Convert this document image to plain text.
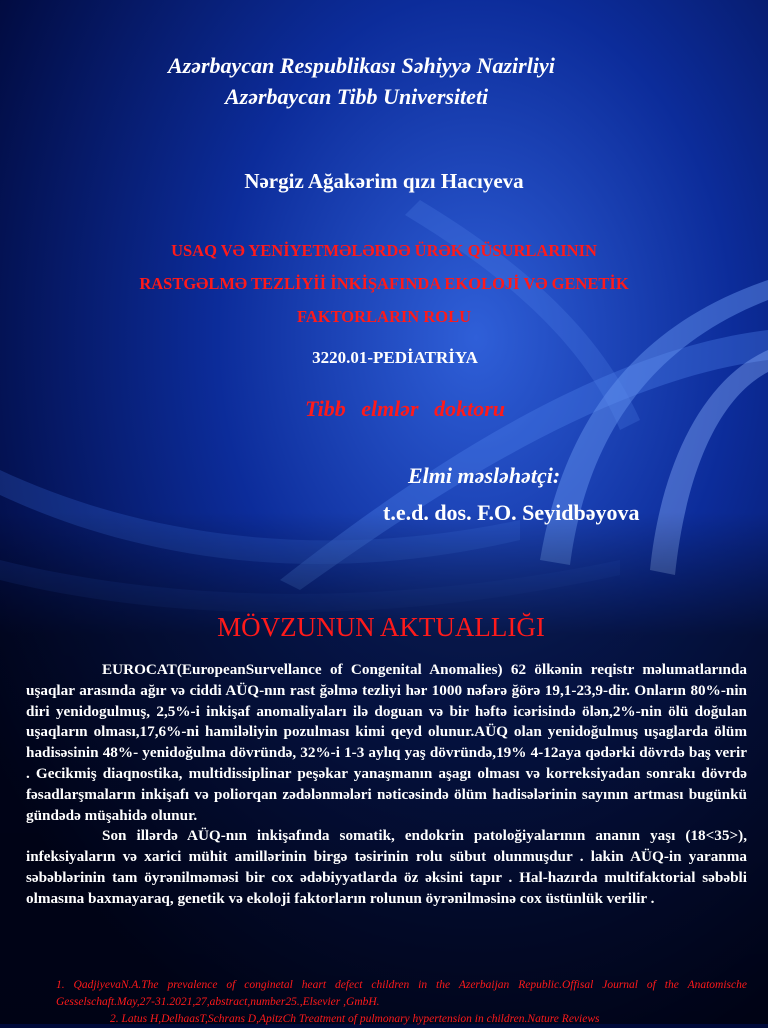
Azərbaycan Respublikası Səhiyyə Nazirliyi
Azərbaycan Tibb Universiteti
Nərgiz Ağakərim qızı Hacıyeva
USAQ VƏ YENİYETMƏLƏRDƏ ÜRƏK QÜSURLARININ
RASTGƏLMƏ TEZLİYİİ İNKİŞAFINDA EKOLOJİ VƏ GENETİK
FAKTORLARIN ROLU
3220.01-PEDİATRİYA
Tibb elmlər doktoru
Elmi məsləhətçi:
t.e.d. dos. F.O. Seyidbəyova
MÖVZUNUN AKTUALLIĞI

EUROCAT(EuropeanSurvellance of Congenital Anomalies) 62 ölkənin reqistr məlumatlarında uşaqlar arasında ağır və ciddi AÜQ-nın rast ğəlmə tezliyi hər 1000 nəfərə ğörə 19,1-23,9-dir. Onların 80%-nin diri yenidogulmuş, 2,5%-i inkişaf anomaliyaları ilə doguan və bir həftə icərisində ölən,2%-nin ölü doğulan uşaqların olması,17,6%-ni hamiləliyin pozulması kimi qeyd olunur.AÜQ olan yenidoğulmuş uşaglarda ölüm hadisəsinin 48%- yenidoğulma dövründə, 32%-i 1-3 aylıq yaş dövründə,19% 4-12aya qədərki dövrdə baş verir . Gecikmiş diaqnostika, multidissiplinar peşəkar yanaşmanın aşagı olması və korreksiyadan sonrakı dövrdə fəsadlarşmaların inkişafı və poliorqan zədələnmələri nəticəsində ölüm hadisələrinin sayının artması bugünkü gündədə müşahidə olunur.

Son illərdə AÜQ-nın inkişafında somatik, endokrin patoloğiyalarının ananın yaşı (18<35>), infeksiyaların və xarici mühit amillərinin birgə təsirinin rolu sübut olunmuşdur . lakin AÜQ-in yaranma səbəblərinin tam öyrənilməməsi bir cox ədəbiyyatlarda öz əksini tapır . Hal-hazırda multifaktorial səbəbli olmasına baxmayaraq, genetik və ekoloji faktorların rolunun öyrənilməsinə cox üstünlük verilir .

1. QadjiyevaN.A.The prevalence of conginetal heart defect children in the Azerbaijan Republic.Offisal Journal of the Anatomische Gesselschaft.May,27-31.2021,27,abstract,number25.,Elsevier ,GmbH.

2. Latus H,DelhaasT,Schrans D,ApitzCh Treatment of pulmonary hypertension in children.Nature Reviews
